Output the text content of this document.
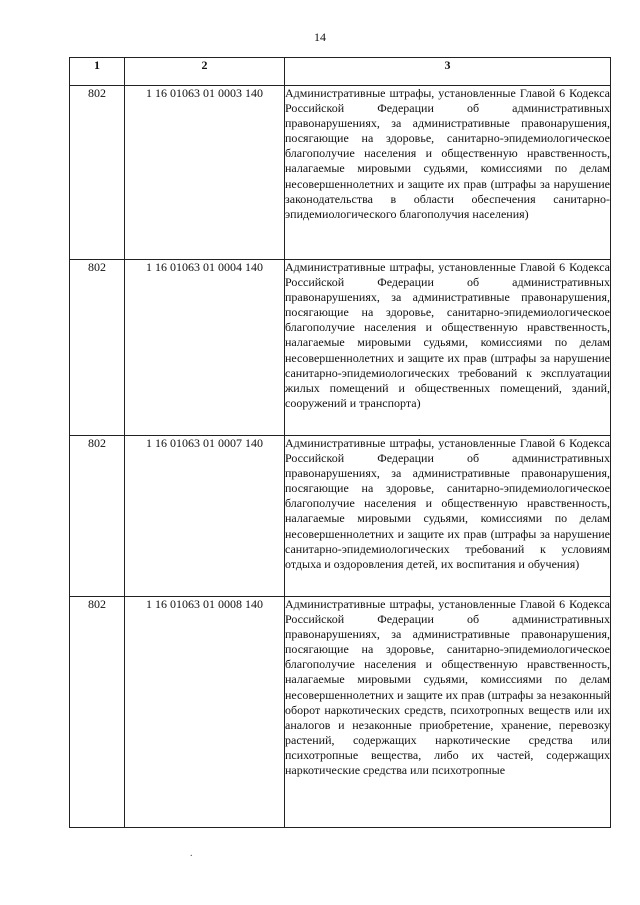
14
1	2	3
802	1 16 01063 01 0003 140	Административные штрафы, установленные Главой 6 Кодекса Российской Федерации об административных правонарушениях, за административные правонарушения, посягающие на здоровье, санитарно-эпидемиологическое благополучие населения и общественную нравственность, налагаемые мировыми судьями, комиссиями по делам несовершеннолетних и защите их прав (штрафы за нарушение законодательства в области обеспечения санитарно-эпидемиологического благополучия населения)
802	1 16 01063 01 0004 140	Административные штрафы, установленные Главой 6 Кодекса Российской Федерации об административных правонарушениях, за административные правонарушения, посягающие на здоровье, санитарно-эпидемиологическое благополучие населения и общественную нравственность, налагаемые мировыми судьями, комиссиями по делам несовершеннолетних и защите их прав (штрафы за нарушение санитарно-эпидемиологических требований к эксплуатации жилых помещений и общественных помещений, зданий, сооружений и транспорта)
802	1 16 01063 01 0007 140	Административные штрафы, установленные Главой 6 Кодекса Российской Федерации об административных правонарушениях, за административные правонарушения, посягающие на здоровье, санитарно-эпидемиологическое благополучие населения и общественную нравственность, налагаемые мировыми судьями, комиссиями по делам несовершеннолетних и защите их прав (штрафы за нарушение санитарно-эпидемиологических требований к условиям отдыха и оздоровления детей, их воспитания и обучения)
802	1 16 01063 01 0008 140	Административные штрафы, установленные Главой 6 Кодекса Российской Федерации об административных правонарушениях, за административные правонарушения, посягающие на здоровье, санитарно-эпидемиологическое благополучие населения и общественную нравственность, налагаемые мировыми судьями, комиссиями по делам несовершеннолетних и защите их прав (штрафы за незаконный оборот наркотических средств, психотропных веществ или их аналогов и незаконные приобретение, хранение, перевозку растений, содержащих наркотические средства или психотропные вещества, либо их частей, содержащих наркотические средства или психотропные
.
